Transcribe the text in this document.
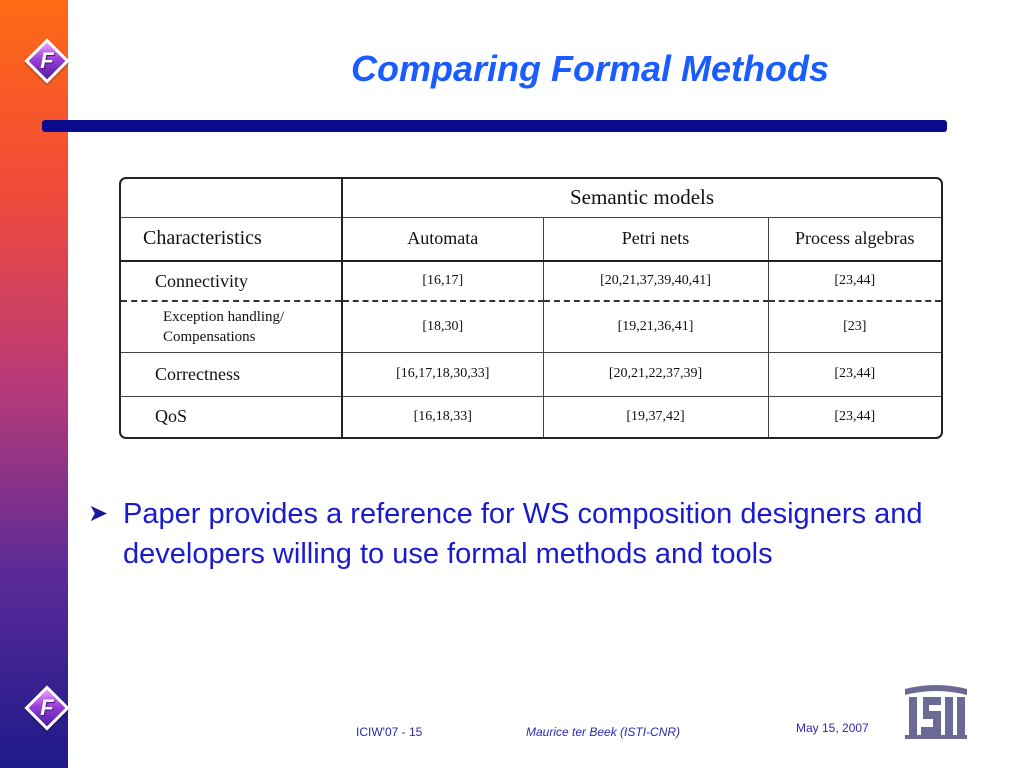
F	Comparing Formal Methods
	Semantic models		
Characteristics	Automata	Petri nets	Process algebras
Connectivity	[16,17]	[20,21,37,39,40,41]	[23,44]

Exception handling/
Compensations	[18,30]	[19,21,36,41]	[23]
Correctness	[16,17,18,30,33]	[20,21,22,37,39]	[23,44]
QoS	[16,18,33]	[19,37,42]	[23,44]
➤ Paper provides a reference for WS composition designers and developers willing to use formal methods and tools

F
ICIW'07 - 15	Maurice ter Beek (ISTI-CNR)	May 15, 2007
